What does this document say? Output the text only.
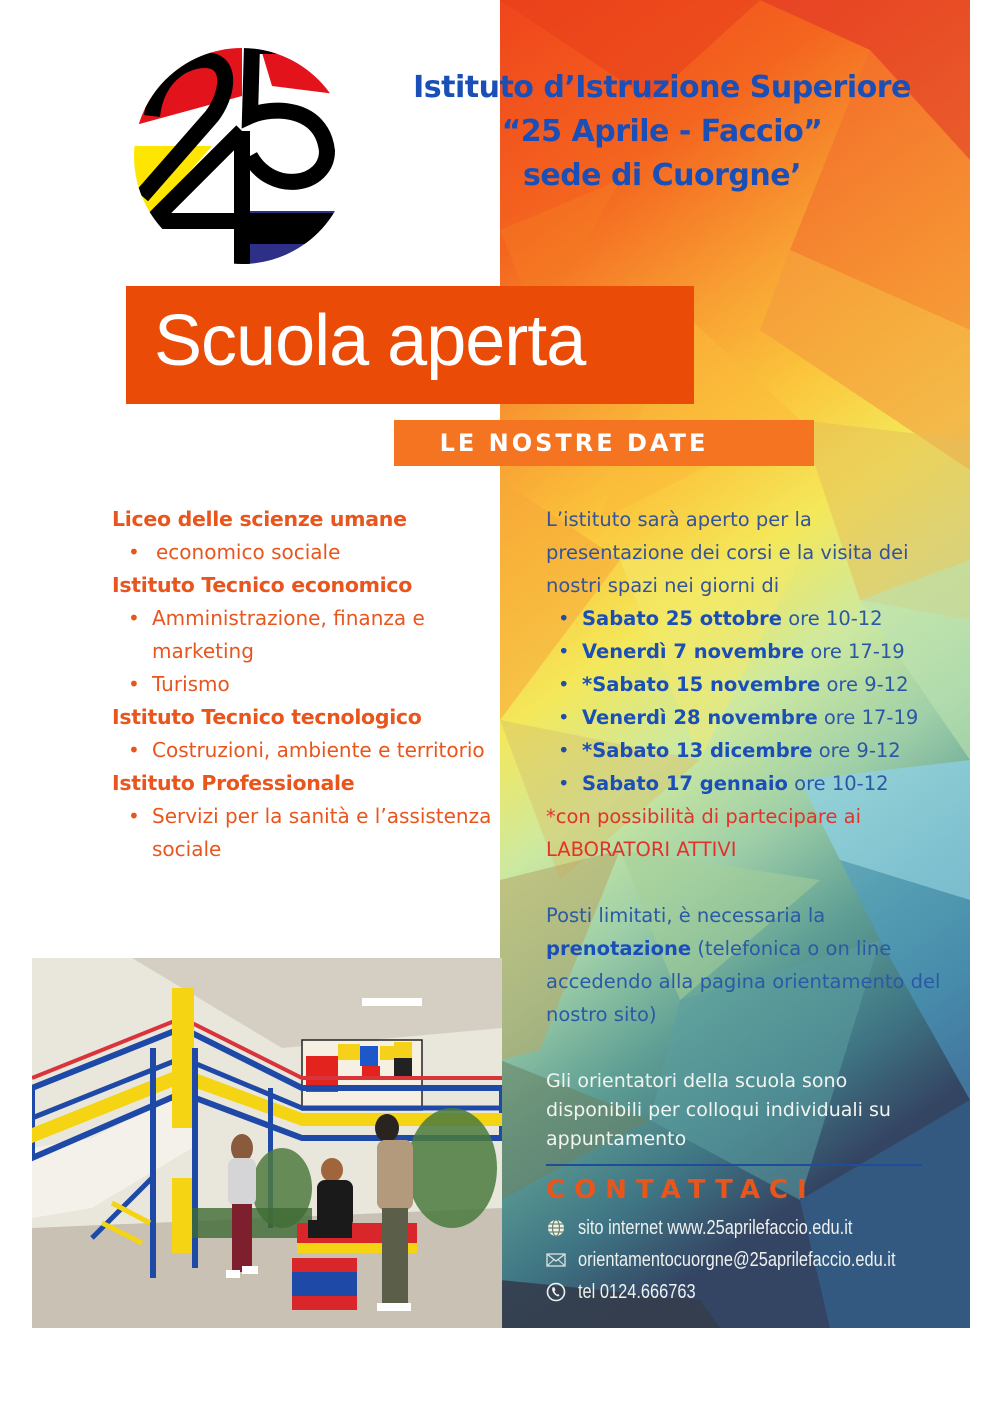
Istituto d’Istruzione Superiore
“25 Aprile - Faccio”
sede di Cuorgne’
Scuola aperta
LE NOSTRE DATE
Liceo delle scienze umane
• economico sociale
Istituto Tecnico economico
• Amministrazione, finanza e marketing
• Turismo
Istituto Tecnico tecnologico
• Costruzioni, ambiente e territorio
Istituto Professionale
• Servizi per la sanità e l’assistenza sociale
L’istituto sarà aperto per la presentazione dei corsi e la visita dei nostri spazi nei giorni di
• Sabato 25 ottobre ore 10-12
• Venerdì 7 novembre ore 17-19
• *Sabato 15 novembre ore 9-12
• Venerdì 28 novembre ore 17-19
• *Sabato 13 dicembre ore 9-12
• Sabato 17 gennaio ore 10-12
*con possibilità di partecipare ai LABORATORI ATTIVI
Posti limitati, è necessaria la prenotazione (telefonica o on line accedendo alla pagina orientamento del nostro sito)
Gli orientatori della scuola sono disponibili per colloqui individuali su appuntamento
CONTATTACI
sito internet www.25aprilefaccio.edu.it
orientamentocuorgne@25aprilefaccio.edu.it
tel 0124.666763
